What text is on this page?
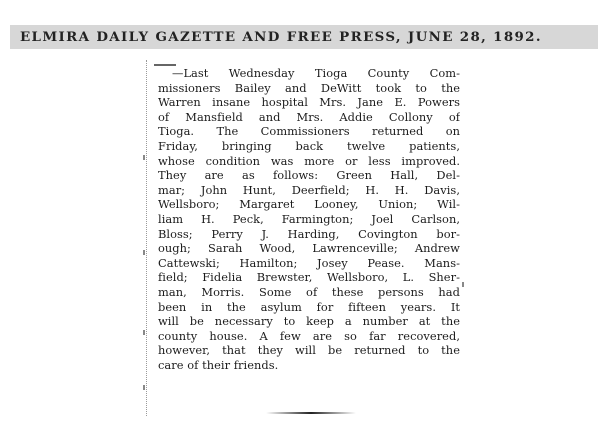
ELMIRA DAILY GAZETTE AND FREE PRESS, JUNE 28, 1892.
—Last Wednesday Tioga County Com-
missioners Bailey and DeWitt took to the
Warren insane hospital Mrs. Jane E. Powers
of Mansfield and Mrs. Addie Collony of
Tioga. The Commissioners returned on
Friday, bringing back twelve patients,
whose condition was more or less improved.
They are as follows: Green Hall, Del-
mar; John Hunt, Deerfield; H. H. Davis,
Wellsboro; Margaret Looney, Union; Wil-
liam H. Peck, Farmington; Joel Carlson,
Bloss; Perry J. Harding, Covington bor-
ough; Sarah Wood, Lawrenceville; Andrew
Cattewski; Hamilton; Josey Pease. Mans-
field; Fidelia Brewster, Wellsboro, L. Sher-
man, Morris. Some of these persons had
been in the asylum for fifteen years. It
will be necessary to keep a number at the
county house. A few are so far recovered,
however, that they will be returned to the
care of their friends.
